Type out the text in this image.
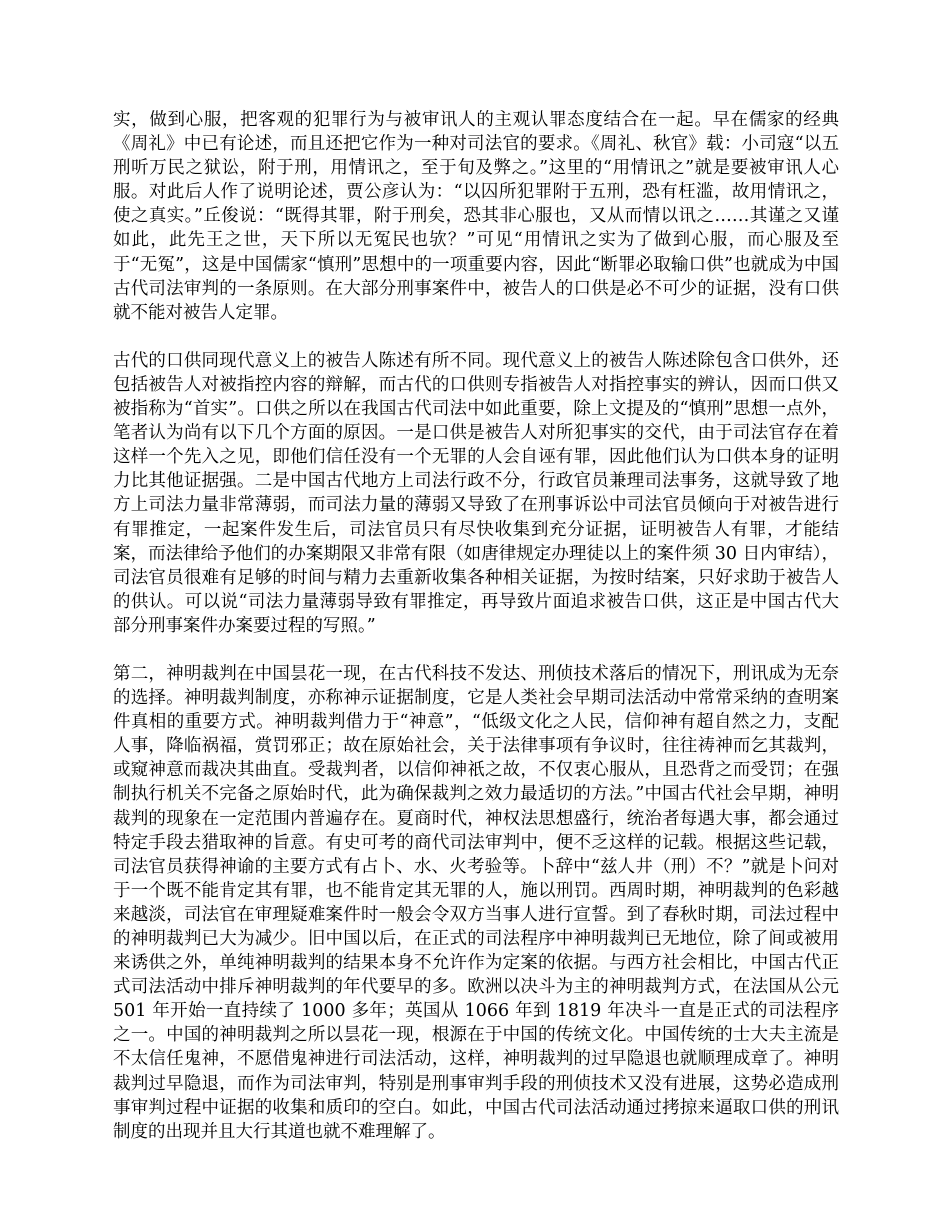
实，做到心服，把客观的犯罪行为与被审讯人的主观认罪态度结合在一起。早在儒家的经典《周礼》中已有论述，而且还把它作为一种对司法官的要求。《周礼、秋官》载：小司寇“以五刑听万民之狱讼，附于刑，用情讯之，至于旬及弊之。”这里的“用情讯之”就是要被审讯人心服。对此后人作了说明论述，贾公彦认为：“以囚所犯罪附于五刑，恐有枉滥，故用情讯之，使之真实。”丘俊说：“既得其罪，附于刑矣，恐其非心服也，又从而情以讯之……其谨之又谨如此，此先王之世，天下所以无冤民也欤？”可见“用情讯之实为了做到心服，而心服及至于“无冤”，这是中国儒家“慎刑”思想中的一项重要内容，因此“断罪必取输口供”也就成为中国古代司法审判的一条原则。在大部分刑事案件中，被告人的口供是必不可少的证据，没有口供就不能对被告人定罪。

古代的口供同现代意义上的被告人陈述有所不同。现代意义上的被告人陈述除包含口供外，还包括被告人对被指控内容的辩解，而古代的口供则专指被告人对指控事实的辨认，因而口供又被指称为“首实”。口供之所以在我国古代司法中如此重要，除上文提及的“慎刑”思想一点外，笔者认为尚有以下几个方面的原因。一是口供是被告人对所犯事实的交代，由于司法官存在着这样一个先入之见，即他们信任没有一个无罪的人会自诬有罪，因此他们认为口供本身的证明力比其他证据强。二是中国古代地方上司法行政不分，行政官员兼理司法事务，这就导致了地方上司法力量非常薄弱，而司法力量的薄弱又导致了在刑事诉讼中司法官员倾向于对被告进行有罪推定，一起案件发生后，司法官员只有尽快收集到充分证据，证明被告人有罪，才能结案，而法律给予他们的办案期限又非常有限（如唐律规定办理徒以上的案件须 30 日内审结），司法官员很难有足够的时间与精力去重新收集各种相关证据，为按时结案，只好求助于被告人的供认。可以说“司法力量薄弱导致有罪推定，再导致片面追求被告口供，这正是中国古代大部分刑事案件办案要过程的写照。”

第二，神明裁判在中国昙花一现，在古代科技不发达、刑侦技术落后的情况下，刑讯成为无奈的选择。神明裁判制度，亦称神示证据制度，它是人类社会早期司法活动中常常采纳的查明案件真相的重要方式。神明裁判借力于“神意”，“低级文化之人民，信仰神有超自然之力，支配人事，降临祸福，赏罚邪正；故在原始社会，关于法律事项有争议时，往往祷神而乞其裁判，或窥神意而裁决其曲直。受裁判者，以信仰神祇之故，不仅衷心服从，且恐背之而受罚；在强制执行机关不完备之原始时代，此为确保裁判之效力最适切的方法。”中国古代社会早期，神明裁判的现象在一定范围内普遍存在。夏商时代，神权法思想盛行，统治者每遇大事，都会通过特定手段去猎取神的旨意。有史可考的商代司法审判中，便不乏这样的记载。根据这些记载，司法官员获得神谕的主要方式有占卜、水、火考验等。卜辞中“兹人井（刑）不？”就是卜问对于一个既不能肯定其有罪，也不能肯定其无罪的人，施以刑罚。西周时期，神明裁判的色彩越来越淡，司法官在审理疑难案件时一般会令双方当事人进行宣誓。到了春秋时期，司法过程中的神明裁判已大为减少。旧中国以后，在正式的司法程序中神明裁判已无地位，除了间或被用来诱供之外，单纯神明裁判的结果本身不允许作为定案的依据。与西方社会相比，中国古代正式司法活动中排斥神明裁判的年代要早的多。欧洲以决斗为主的神明裁判方式，在法国从公元 501 年开始一直持续了 1000 多年；英国从 1066 年到 1819 年决斗一直是正式的司法程序之一。中国的神明裁判之所以昙花一现，根源在于中国的传统文化。中国传统的士大夫主流是不太信任鬼神，不愿借鬼神进行司法活动，这样，神明裁判的过早隐退也就顺理成章了。神明裁判过早隐退，而作为司法审判，特别是刑事审判手段的刑侦技术又没有进展，这势必造成刑事审判过程中证据的收集和质印的空白。如此，中国古代司法活动通过拷掠来逼取口供的刑讯制度的出现并且大行其道也就不难理解了。
